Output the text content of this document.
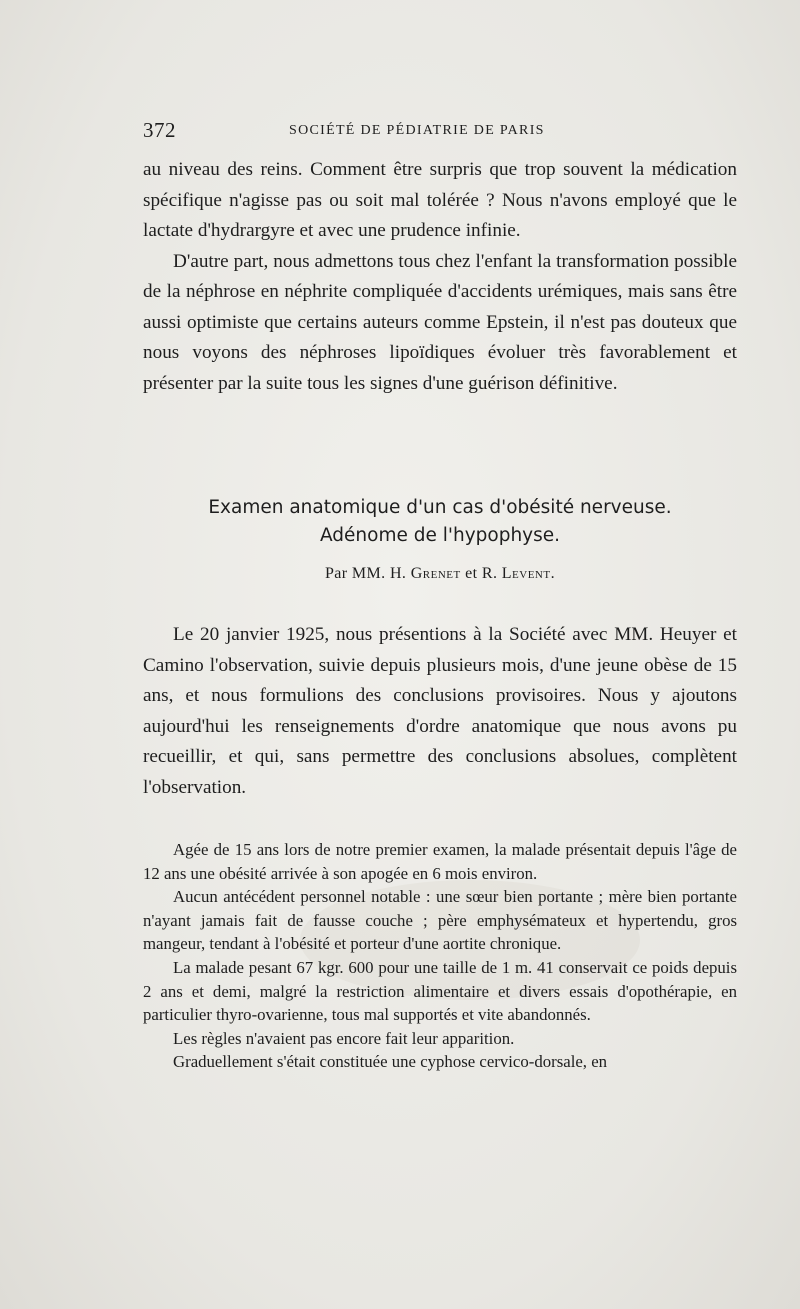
372	SOCIÉTÉ DE PÉDIATRIE DE PARIS

au niveau des reins. Comment être surpris que trop souvent la médication spécifique n'agisse pas ou soit mal tolérée ? Nous n'avons employé que le lactate d'hydrargyre et avec une prudence infinie.

D'autre part, nous admettons tous chez l'enfant la transformation possible de la néphrose en néphrite compliquée d'accidents urémiques, mais sans être aussi optimiste que certains auteurs comme Epstein, il n'est pas douteux que nous voyons des néphroses lipoïdiques évoluer très favorablement et présenter par la suite tous les signes d'une guérison définitive.

Examen anatomique d'un cas d'obésité nerveuse.

Adénome de l'hypophyse.

Par MM. H. Grenet et R. Levent.

Le 20 janvier 1925, nous présentions à la Société avec MM. Heuyer et Camino l'observation, suivie depuis plusieurs mois, d'une jeune obèse de 15 ans, et nous formulions des conclusions provisoires. Nous y ajoutons aujourd'hui les renseignements d'ordre anatomique que nous avons pu recueillir, et qui, sans permettre des conclusions absolues, complètent l'observation.

Agée de 15 ans lors de notre premier examen, la malade présentait depuis l'âge de 12 ans une obésité arrivée à son apogée en 6 mois environ.

Aucun antécédent personnel notable : une sœur bien portante ; mère bien portante n'ayant jamais fait de fausse couche ; père emphysémateux et hypertendu, gros mangeur, tendant à l'obésité et porteur d'une aortite chronique.

La malade pesant 67 kgr. 600 pour une taille de 1 m. 41 conservait ce poids depuis 2 ans et demi, malgré la restriction alimentaire et divers essais d'opothérapie, en particulier thyro-ovarienne, tous mal supportés et vite abandonnés.

Les règles n'avaient pas encore fait leur apparition.

Graduellement s'était constituée une cyphose cervico-dorsale, en
